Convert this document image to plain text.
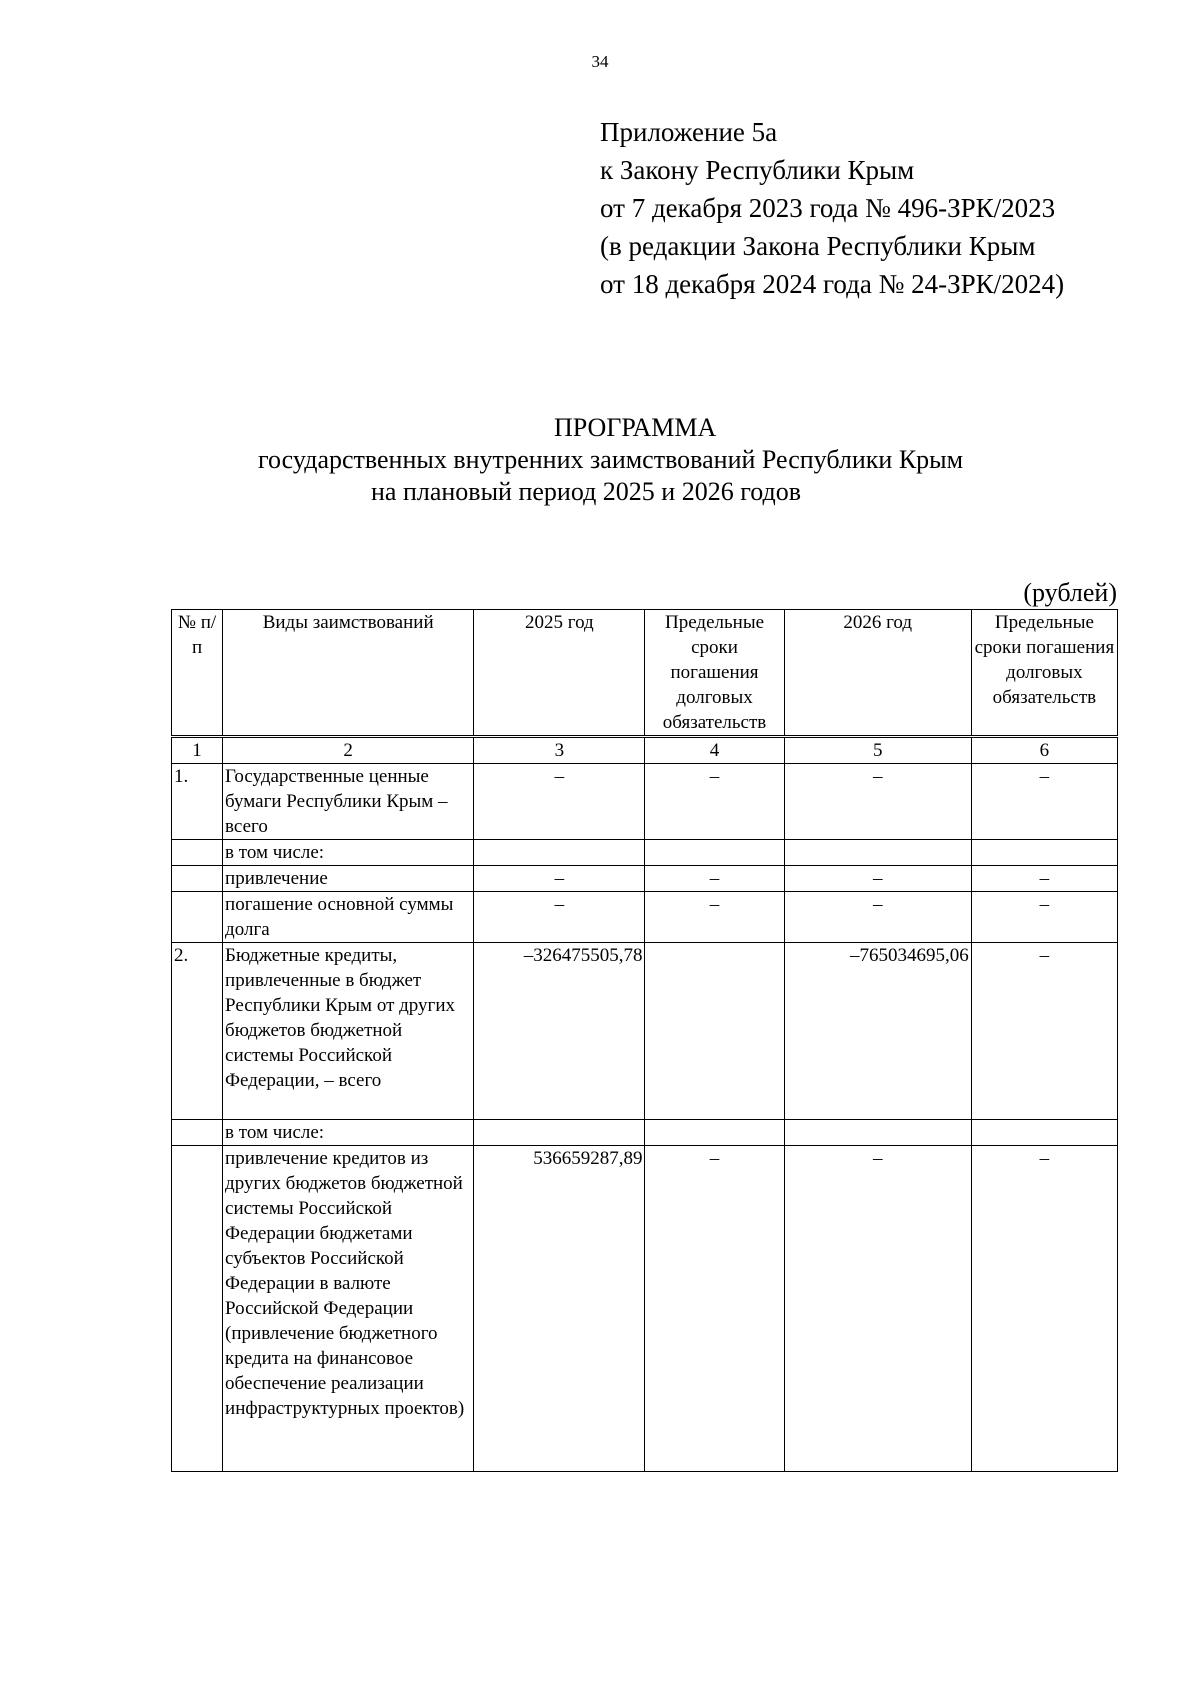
34
Приложение 5а
к Закону Республики Крым
от 7 декабря 2023 года № 496-ЗРК/2023
(в редакции Закона Республики Крым
от 18 декабря 2024 года № 24-ЗРК/2024)
ПРОГРАММА
государственных внутренних заимствований Республики Крым
на плановый период 2025 и 2026 годов
(рублей)
№ п/п	Виды заимствований	2025 год	Предельные сроки погашения долговых обязательств	2026 год	Предельные сроки погашения долговых обязательств
1	2	3	4	5	6
1.	Государственные ценные бумаги Республики Крым – всего	–	–	–	–
	в том числе:				
	привлечение	–	–	–	–
	погашение основной суммы долга	–	–	–	–
2.	Бюджетные кредиты, привлеченные в бюджет Республики Крым от других бюджетов бюджетной системы Российской Федерации, – всего	–326475505,78		–765034695,06	–
	в том числе:				
	привлечение кредитов из других бюджетов бюджетной системы Российской Федерации бюджетами субъектов Российской Федерации в валюте Российской Федерации (привлечение бюджетного кредита на финансовое обеспечение реализации инфраструктурных проектов)	536659287,89	–	–	–
